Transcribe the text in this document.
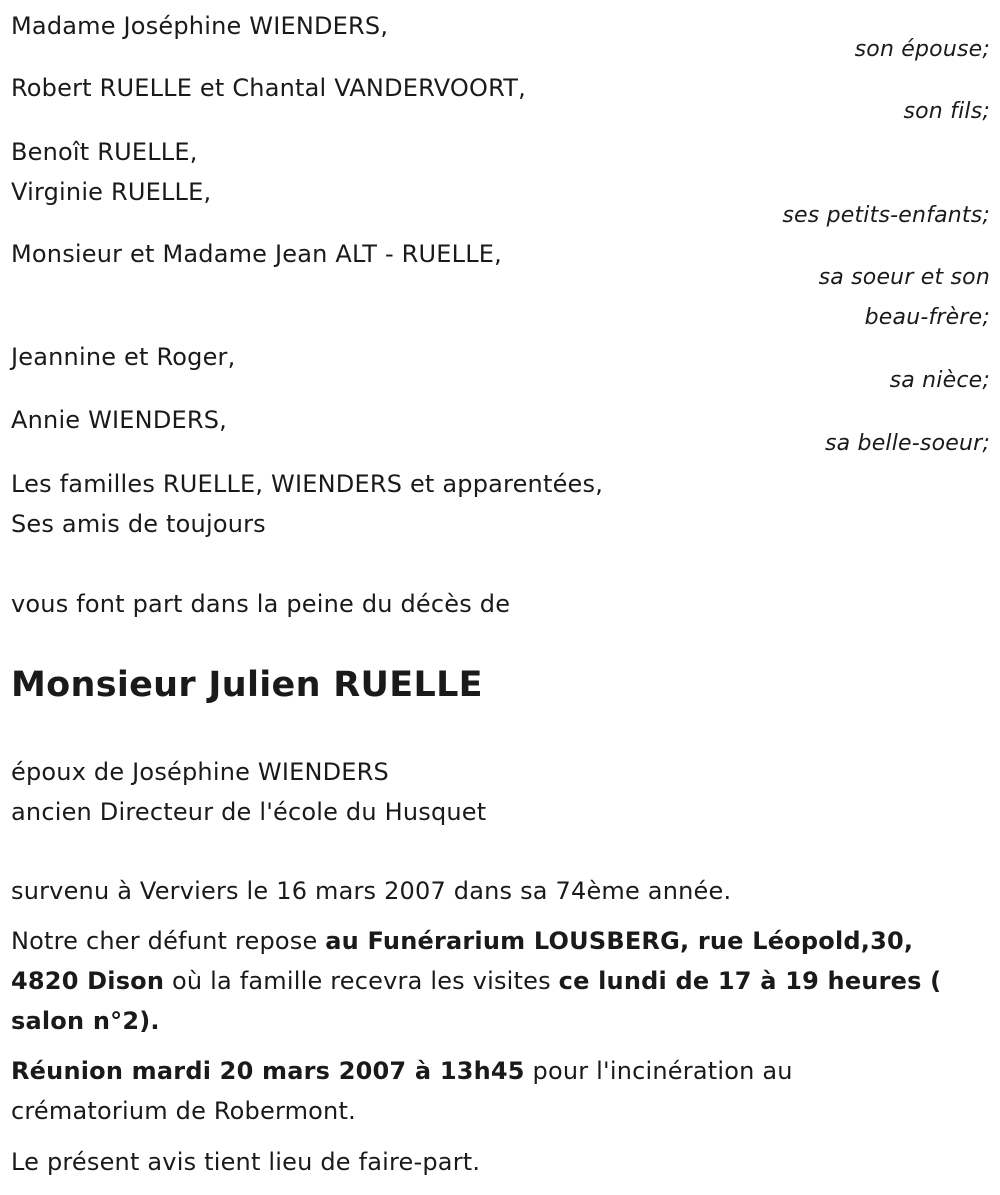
Madame Joséphine WIENDERS,
son épouse;
Robert RUELLE et Chantal VANDERVOORT,
son fils;
Benoît RUELLE,
Virginie RUELLE,
ses petits-enfants;
Monsieur et Madame Jean ALT - RUELLE,
sa soeur et son
beau-frère;
Jeannine et Roger,
sa nièce;
Annie WIENDERS,
sa belle-soeur;
Les familles RUELLE, WIENDERS et apparentées,
Ses amis de toujours
vous font part dans la peine du décès de
Monsieur Julien RUELLE
époux de Joséphine WIENDERS
ancien Directeur de l'école du Husquet
survenu à Verviers le 16 mars 2007 dans sa 74ème année.
Notre cher défunt repose au Funérarium LOUSBERG, rue Léopold,30,
4820 Dison où la famille recevra les visites ce lundi de 17 à 19 heures (
salon n°2).
Réunion mardi 20 mars 2007 à 13h45 pour l'incinération au
crématorium de Robermont.
Le présent avis tient lieu de faire-part.
